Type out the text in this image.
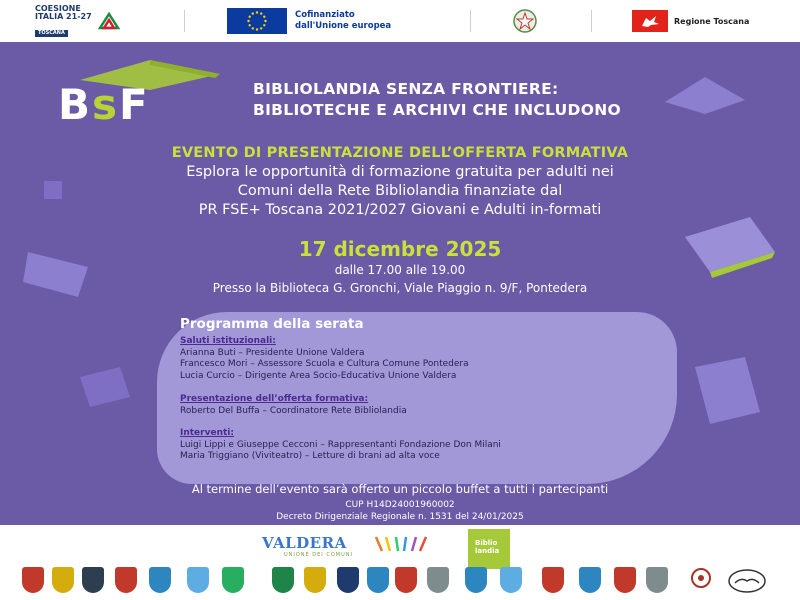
COESIONE
ITALIA 21-27
TOSCANA
Cofinanziato
dall'Unione europea	Regione Toscana
BsF	BIBLIOLANDIA SENZA FRONTIERE:
BIBLIOTECHE E ARCHIVI CHE INCLUDONO
EVENTO DI PRESENTAZIONE DELL’OFFERTA FORMATIVA
Esplora le opportunità di formazione gratuita per adulti nei
Comuni della Rete Bibliolandia finanziate dal
PR FSE+ Toscana 2021/2027 Giovani e Adulti in-formati
17 dicembre 2025
dalle 17.00 alle 19.00
Presso la Biblioteca G. Gronchi, Viale Piaggio n. 9/F, Pontedera
Programma della serata
Saluti istituzionali:
Arianna Buti – Presidente Unione Valdera
Francesco Mori – Assessore Scuola e Cultura Comune Pontedera
Lucia Curcio – Dirigente Area Socio-Educativa Unione Valdera
Presentazione dell’offerta formativa:
Roberto Del Buffa – Coordinatore Rete Bibliolandia
Interventi:
Luigi Lippi e Giuseppe Cecconi – Rappresentanti Fondazione Don Milani
Maria Triggiano (Viviteatro) – Letture di brani ad alta voce
Al termine dell’evento sarà offerto un piccolo buffet a tutti i partecipanti
CUP H14D24001960002
Decreto Dirigenziale Regionale n. 1531 del 24/01/2025
VALDERA
UNIONE DEI COMUNI
Biblio
landia
